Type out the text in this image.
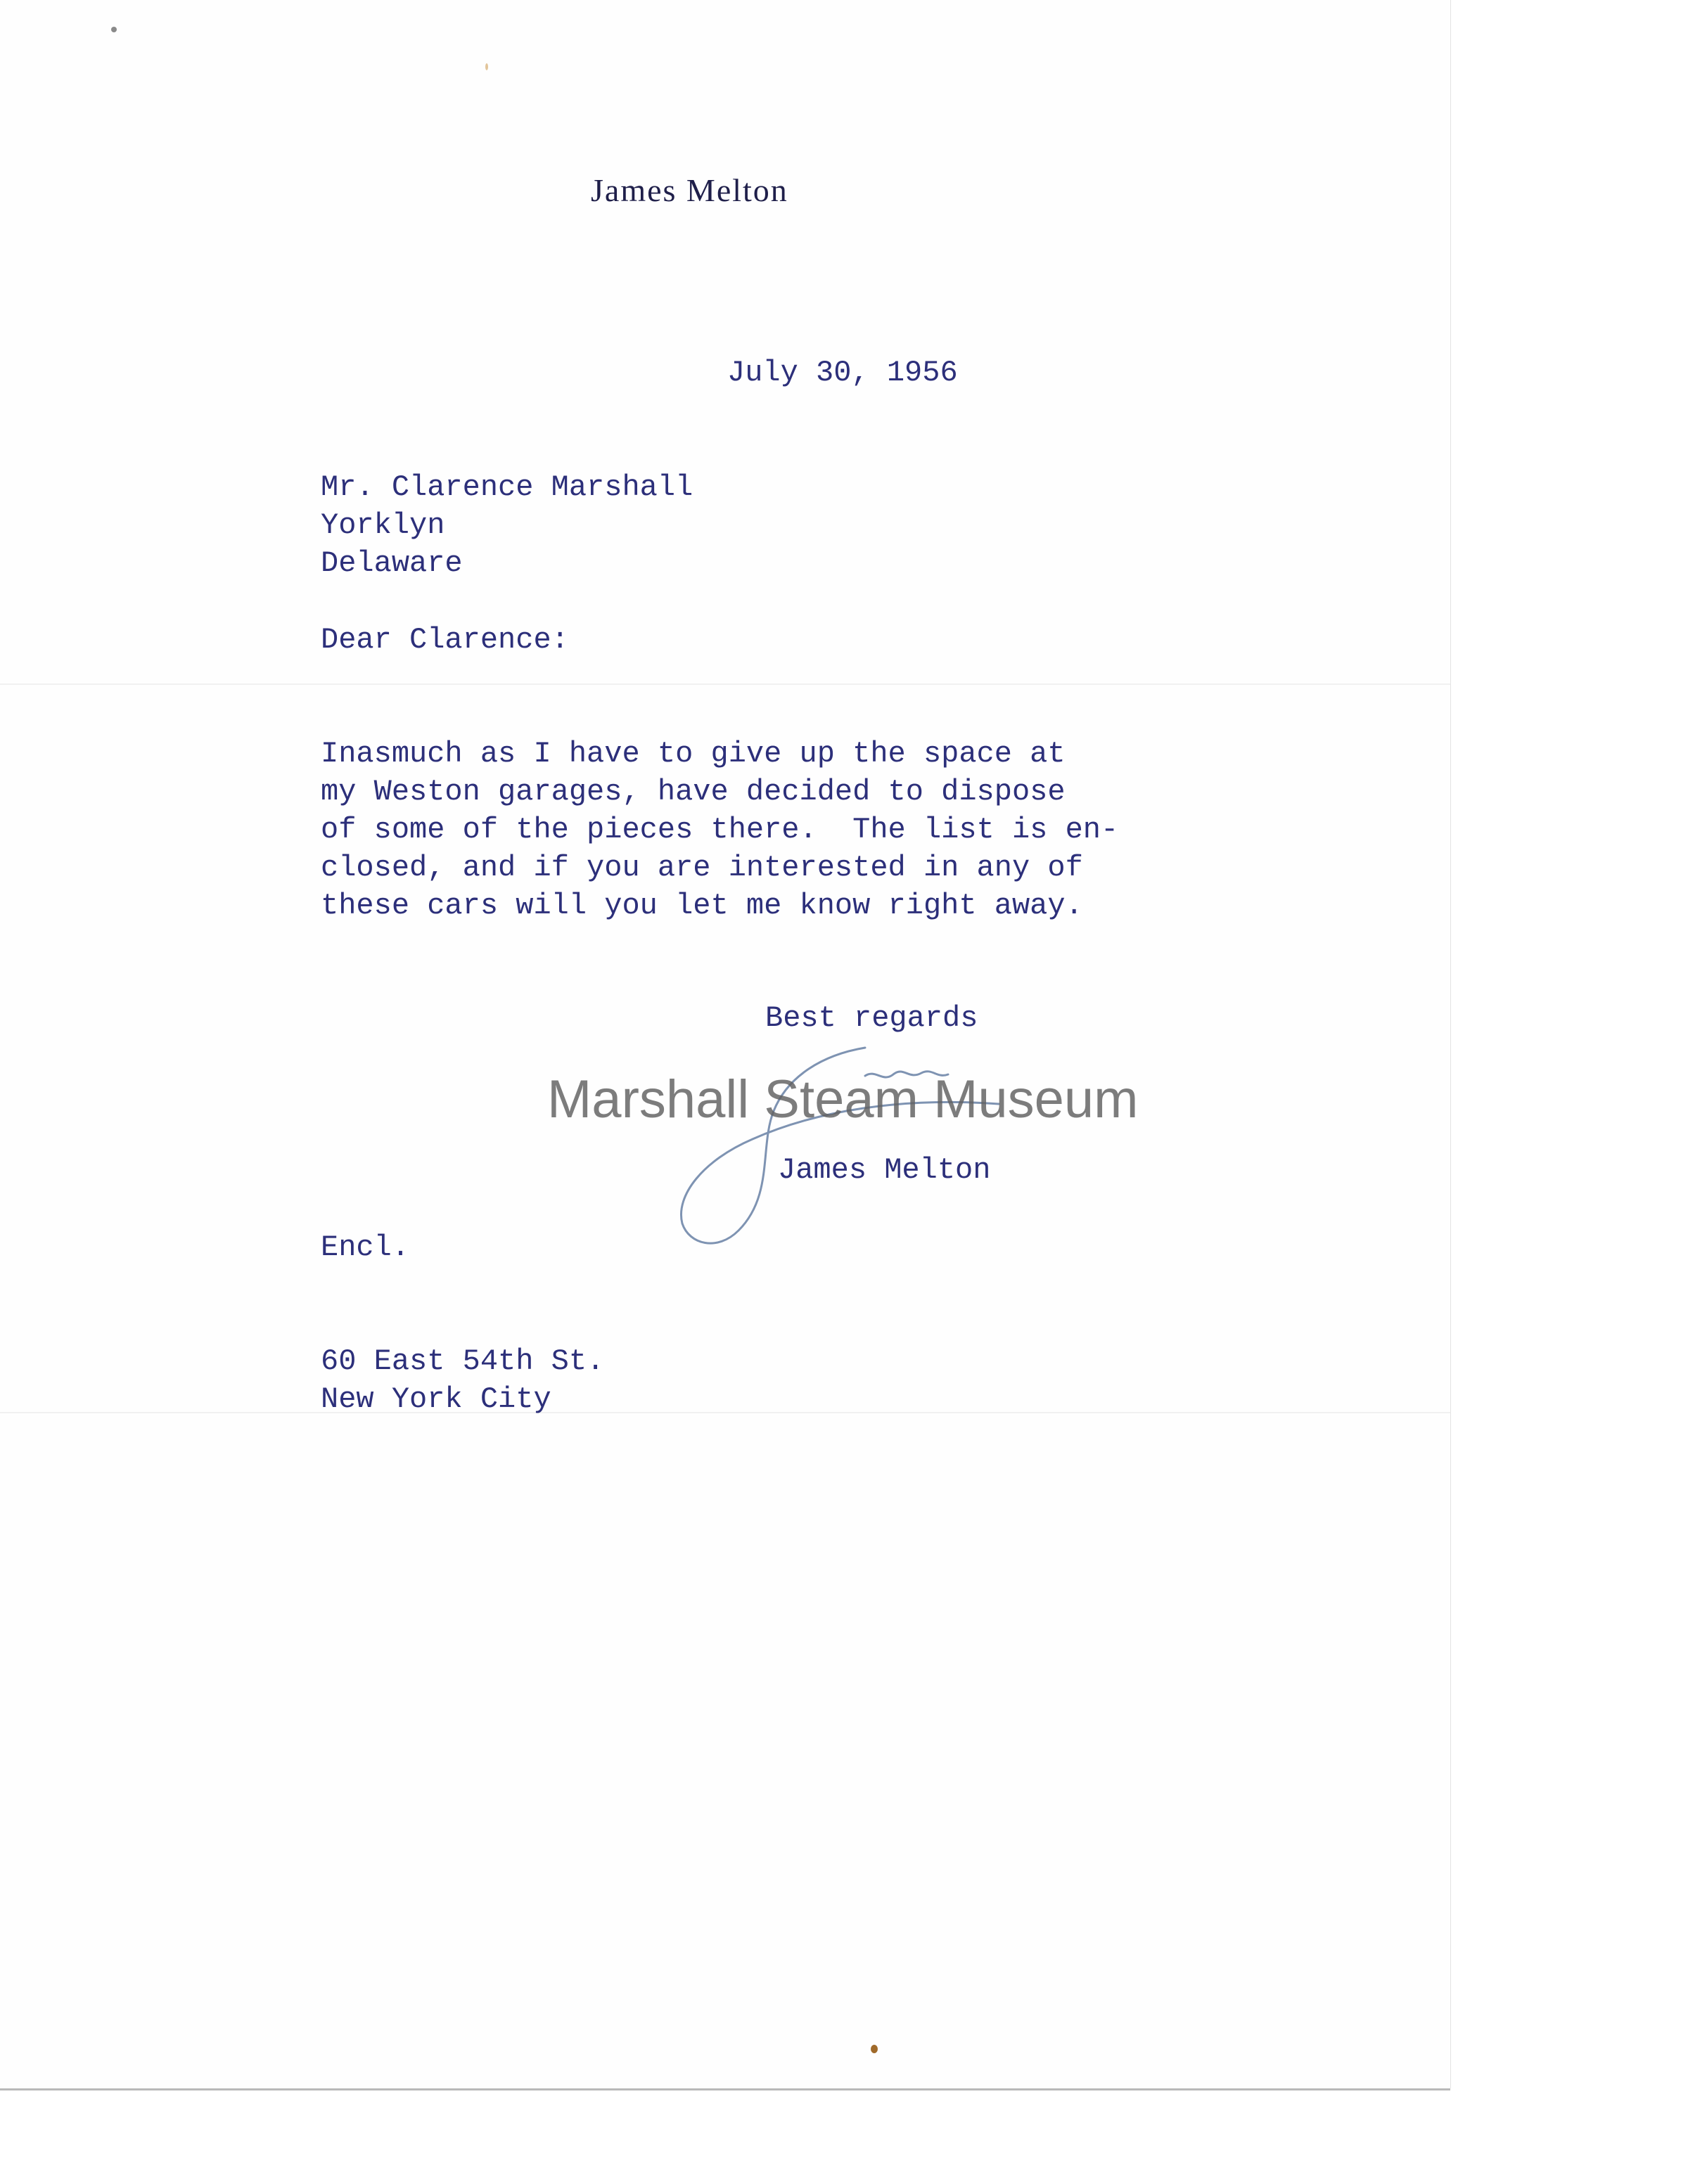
James Melton
July 30, 1956
Mr. Clarence Marshall
Yorklyn
Delaware
Dear Clarence:
Inasmuch as I have to give up the space at
my Weston garages, have decided to dispose
of some of the pieces there.  The list is en-
closed, and if you are interested in any of
these cars will you let me know right away.
Best regards
Marshall Steam Museum
James Melton
Encl.
60 East 54th St.
New York City
